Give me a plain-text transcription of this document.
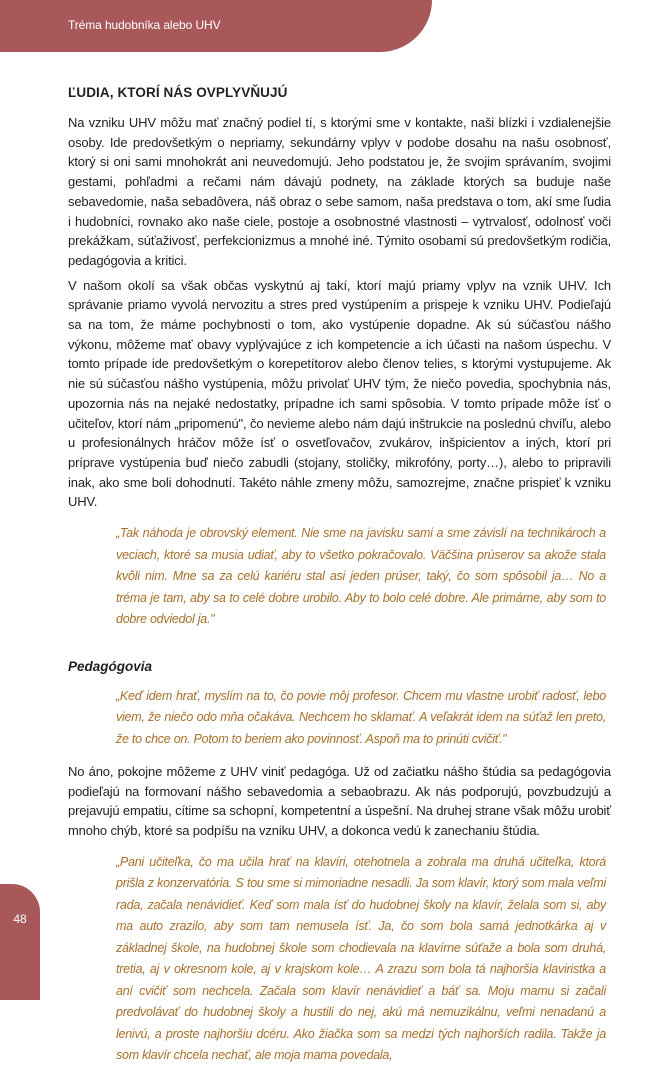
Tréma hudobníka alebo UHV
ĽUDIA, KTORÍ NÁS OVPLYVŇUJÚ

Na vzniku UHV môžu mať značný podiel tí, s ktorými sme v kontakte, naši blízki i vzdialenejšie osoby. Ide predovšetkým o nepriamy, sekundárny vplyv v podobe dosahu na našu osobnosť, ktorý si oni sami mnohokrát ani neuvedomujú. Jeho podstatou je, že svojim správaním, svojimi gestami, pohľadmi a rečami nám dávajú podnety, na základe ktorých sa buduje naše sebavedomie, naša sebadôvera, náš obraz o sebe samom, naša predstava o tom, akí sme ľudia i hudobníci, rovnako ako naše ciele, postoje a osobnostné vlastnosti – vytrvalosť, odolnosť voči prekážkam, súťaživosť, perfekcionizmus a mnohé iné. Týmito osobami sú predovšetkým rodičia, pedagógovia a kritici.

V našom okolí sa však občas vyskytnú aj takí, ktorí majú priamy vplyv na vznik UHV. Ich správanie priamo vyvolá nervozitu a stres pred vystúpením a prispeje k vzniku UHV. Podieľajú sa na tom, že máme pochybnosti o tom, ako vystúpenie dopadne. Ak sú súčasťou nášho výkonu, môžeme mať obavy vyplývajúce z ich kompetencie a ich účasti na našom úspechu. V tomto prípade ide predovšetkým o korepetítorov alebo členov telies, s ktorými vystupujeme. Ak nie sú súčasťou nášho vystúpenia, môžu privolať UHV tým, že niečo povedia, spochybnia nás, upozornia nás na nejaké nedostatky, prípadne ich sami spôsobia. V tomto prípade môže ísť o učiteľov, ktorí nám „pripomenú", čo nevieme alebo nám dajú inštrukcie na poslednú chvíľu, alebo u profesionálnych hráčov môže ísť o osvetľovačov, zvukárov, inšpicientov a iných, ktorí pri príprave vystúpenia buď niečo zabudli (stojany, stoličky, mikrofóny, porty…), alebo to pripravili inak, ako sme boli dohodnutí. Takéto náhle zmeny môžu, samozrejme, značne prispieť k vzniku UHV.

„Tak náhoda je obrovský element. Nie sme na javisku sami a sme závislí na technikároch a veciach, ktoré sa musia udiať, aby to všetko pokračovalo. Väčšina prúserov sa akože stala kvôli nim. Mne sa za celú kariéru stal asi jeden prúser, taký, čo som spôsobil ja… No a tréma je tam, aby sa to celé dobre urobilo. Aby to bolo celé dobre. Ale primárne, aby som to dobre odviedol ja."
Pedagógovia
„Keď idem hrať, myslím na to, čo povie môj profesor. Chcem mu vlastne urobiť radosť, lebo viem, že niečo odo mňa očakáva. Nechcem ho sklamať. A veľakrát idem na súťaž len preto, že to chce on. Potom to beriem ako povinnosť. Aspoň ma to prinúti cvičiť."

No áno, pokojne môžeme z UHV viniť pedagóga. Už od začiatku nášho štúdia sa pedagógovia podieľajú na formovaní nášho sebavedomia a sebaobrazu. Ak nás podporujú, povzbudzujú a prejavujú empatiu, cítime sa schopní, kompetentní a úspešní. Na druhej strane však môžu urobiť mnoho chýb, ktoré sa podpíšu na vzniku UHV, a dokonca vedú k zanechaniu štúdia.

„Pani učiteľka, čo ma učila hrať na klavíri, otehotnela a zobrala ma druhá učiteľka, ktorá prišla z konzervatória. S tou sme si mimoriadne nesadli. Ja som klavír, ktorý som mala veľmi rada, začala nenávidieť. Keď som mala ísť do hudobnej školy na klavír, želala som si, aby ma auto zrazilo, aby som tam nemusela ísť. Ja, čo som bola samá jednotkárka aj v základnej škole, na hudobnej škole som chodievala na klavírne súťaže a bola som druhá, tretia, aj v okresnom kole, aj v krajskom kole… A zrazu som bola tá najhoršia klaviristka a aní cvičiť som nechcela. Začala som klavír nenávidieť a báť sa. Moju mamu si začali predvolávať do hudobnej školy a hustili do nej, akú má nemuzikálnu, veľmi nenadanú a lenivú, a proste najhoršiu dcéru. Ako žiačka som sa medzi tých najhorších radila. Takže ja som klavír chcela nechať, ale moja mama povedala,
48
